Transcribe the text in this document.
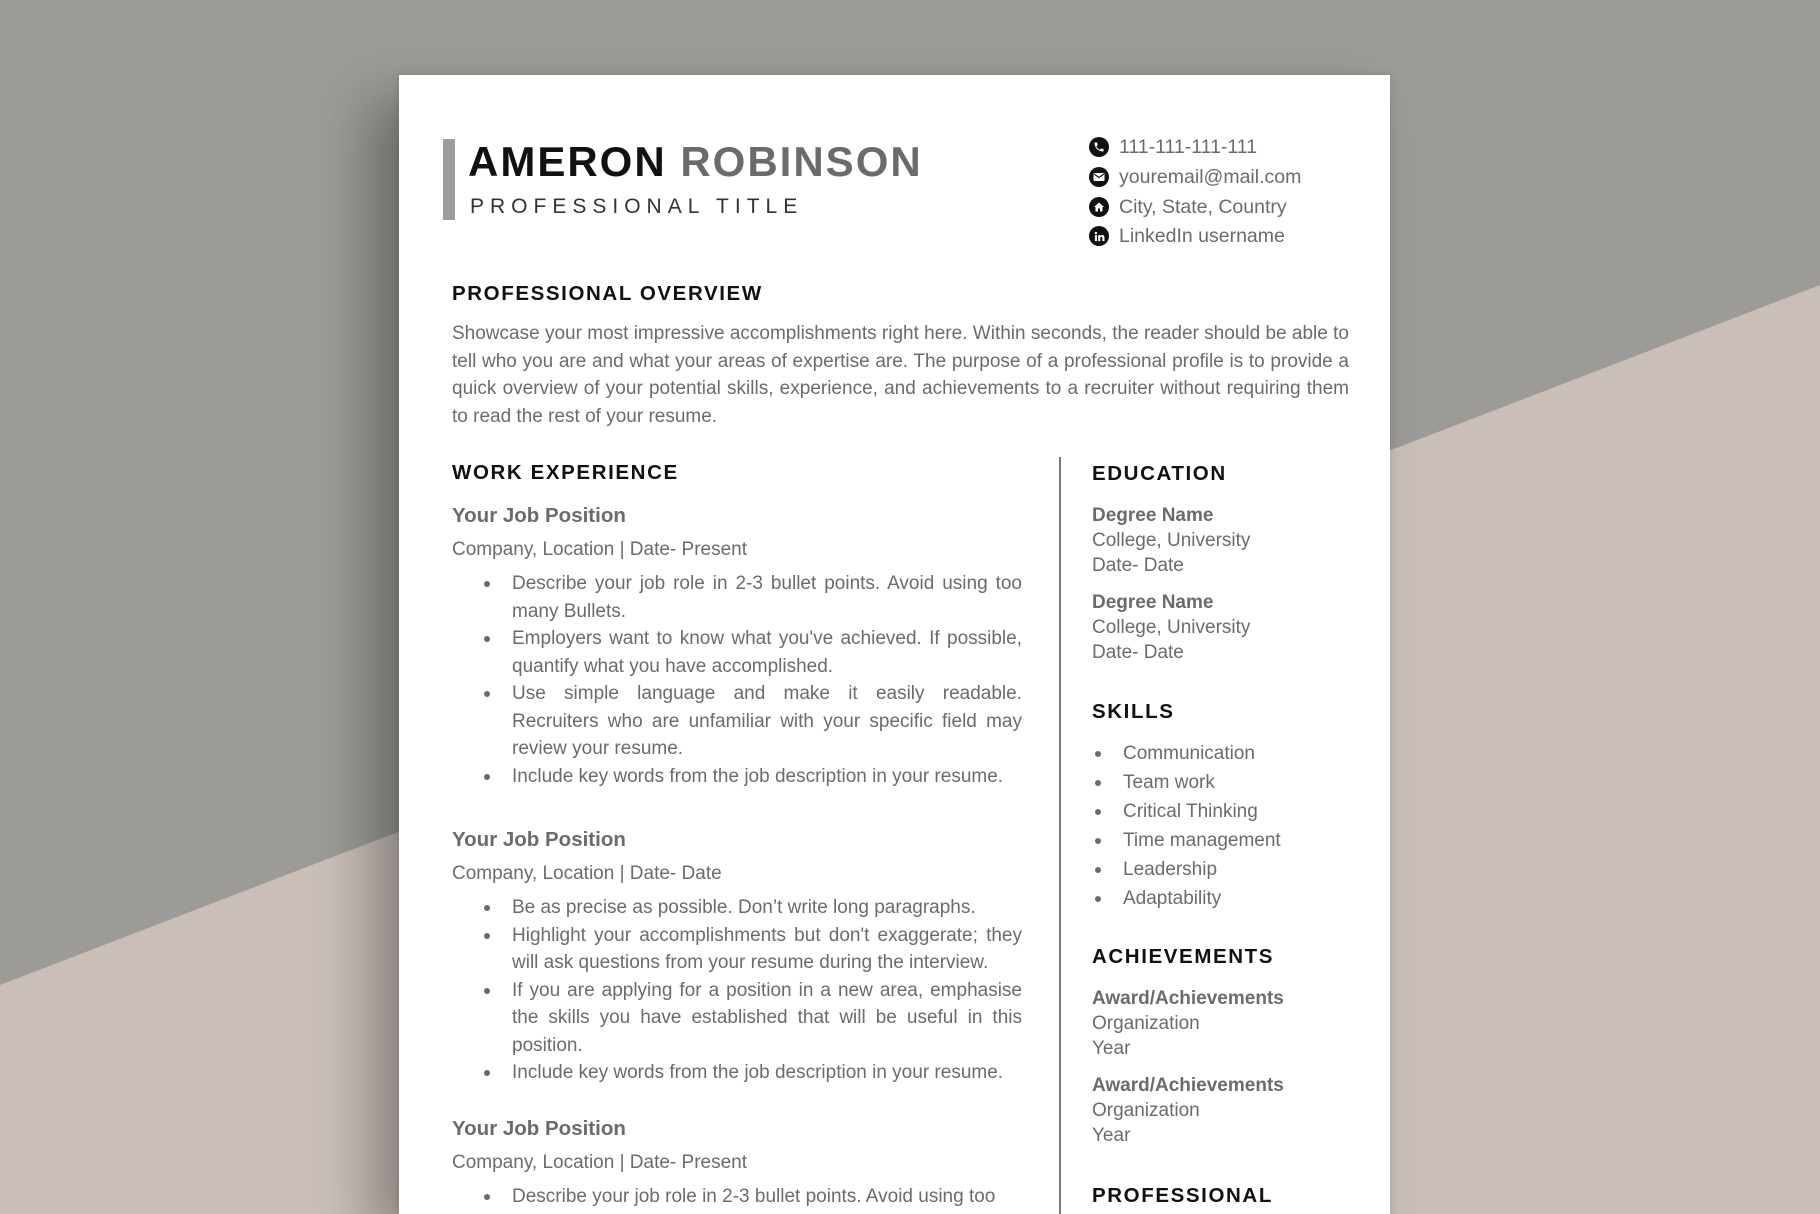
AMERON ROBINSON
PROFESSIONAL TITLE
111-111-111-111
youremail@mail.com
City, State, Country
LinkedIn username
PROFESSIONAL OVERVIEW

Showcase your most impressive accomplishments right here. Within seconds, the reader should be able to tell who you are and what your areas of expertise are. The purpose of a professional profile is to provide a quick overview of your potential skills, experience, and achievements to a recruiter without requiring them to read the rest of your resume.

WORK EXPERIENCE

Your Job Position

Company, Location | Date- Present

Describe your job role in 2-3 bullet points. Avoid using too many Bullets.
Employers want to know what you've achieved. If possible, quantify what you have accomplished.
Use simple language and make it easily readable. Recruiters who are unfamiliar with your specific field may review your resume.
Include key words from the job description in your resume.

Your Job Position

Company, Location | Date- Date

Be as precise as possible. Don’t write long paragraphs.
Highlight your accomplishments but don't exaggerate; they will ask questions from your resume during the interview.
If you are applying for a position in a new area, emphasise the skills you have established that will be useful in this position.
Include key words from the job description in your resume.

Your Job Position

Company, Location | Date- Present

Describe your job role in 2-3 bullet points. Avoid using too
EDUCATION

Degree Name

College, University

Date- Date

Degree Name

College, University

Date- Date

SKILLS
Communication
Team work
Critical Thinking
Time management
Leadership
Adaptability
ACHIEVEMENTS

Award/Achievements

Organization

Year

Award/Achievements

Organization

Year

PROFESSIONAL
